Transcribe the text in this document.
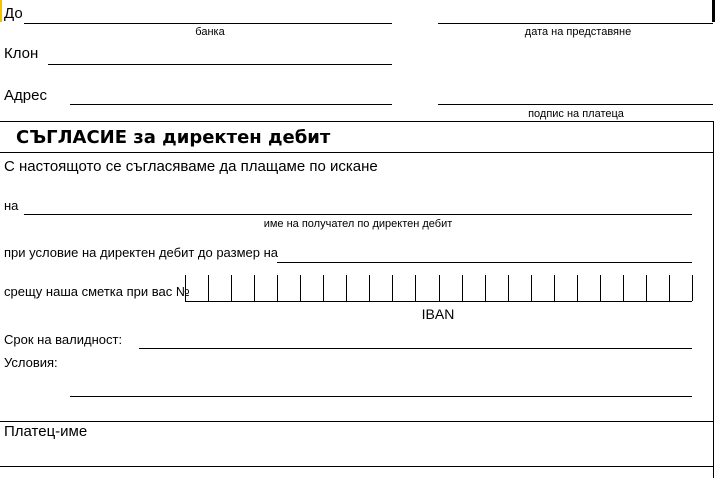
До
банка	дата на представяне
Клон
Адрес
подпис на платеца
СЪГЛАСИЕ за директен дебит
С настоящото се съгласяваме да плащаме по искане
на
име на получател по директен дебит
при условие на директен дебит до размер на
срещу наша сметка при вас №
IBAN
Срок на валидност:
Условия:
Платец-име
